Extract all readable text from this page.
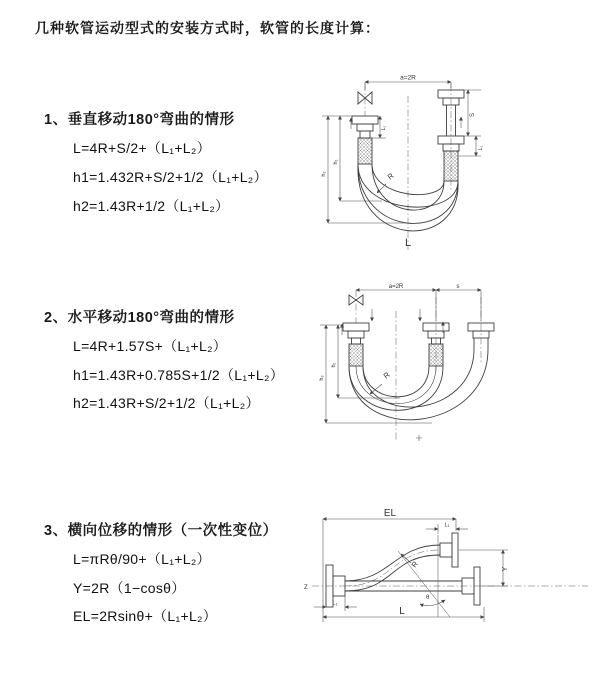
几种软管运动型式的安装方式时，软管的长度计算：
1、垂直移动180°弯曲的情形
L=4R+S/2+（L₁+L₂）
h1=1.432R+S/2+1/2（L₁+L₂）
h2=1.43R+1/2（L₁+L₂）
a=2R
S
L₁
L₁
h₁
h₂	R
L
2、水平移动180°弯曲的情形
L=4R+1.57S+（L₁+L₂）
h1=1.43R+0.785S+1/2（L₁+L₂）
h2=1.43R+S/2+1/2（L₁+L₂）
a=2R	s
h₁
h₂	R
3、横向位移的情形（一次性变位）
L=πRθ/90+（L₁+L₂）
Y=2R（1−cosθ）
EL=2Rsinθ+（L₁+L₂）
EL
L₁
Y
L
L₁
R
θ
Z
